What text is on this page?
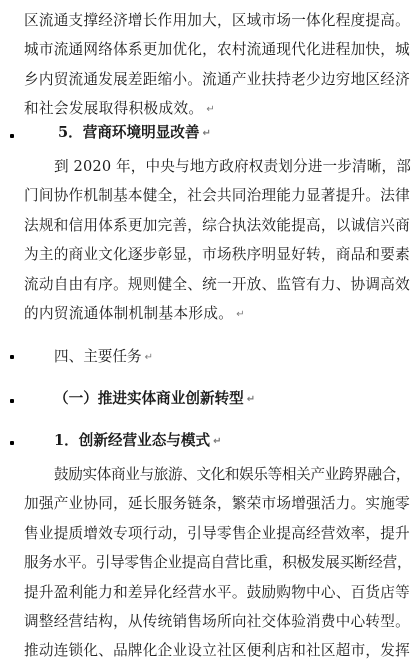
区流通支撑经济增长作用加大，区域市场一体化程度提高。
城市流通网络体系更加优化，农村流通现代化进程加快，城
乡内贸流通发展差距缩小。流通产业扶持老少边穷地区经济
和社会发展取得积极成效。 ↵
5．营商环境明显改善 ↵
到 2020 年，中央与地方政府权责划分进一步清晰，部
门间协作机制基本健全，社会共同治理能力显著提升。法律
法规和信用体系更加完善，综合执法效能提高，以诚信兴商
为主的商业文化逐步彰显，市场秩序明显好转，商品和要素
流动自由有序。规则健全、统一开放、监管有力、协调高效
的内贸流通体制机制基本形成。 ↵
四、主要任务 ↵
（一）推进实体商业创新转型 ↵
1．创新经营业态与模式 ↵
鼓励实体商业与旅游、文化和娱乐等相关产业跨界融合，
加强产业协同，延长服务链条，繁荣市场增强活力。实施零
售业提质增效专项行动，引导零售企业提高经营效率，提升
服务水平。引导零售企业提高自营比重，积极发展买断经营，
提升盈利能力和差异化经营水平。鼓励购物中心、百货店等
调整经营结构，从传统销售场所向社交体验消费中心转型。
推动连锁化、品牌化企业设立社区便利店和社区超市，发挥
